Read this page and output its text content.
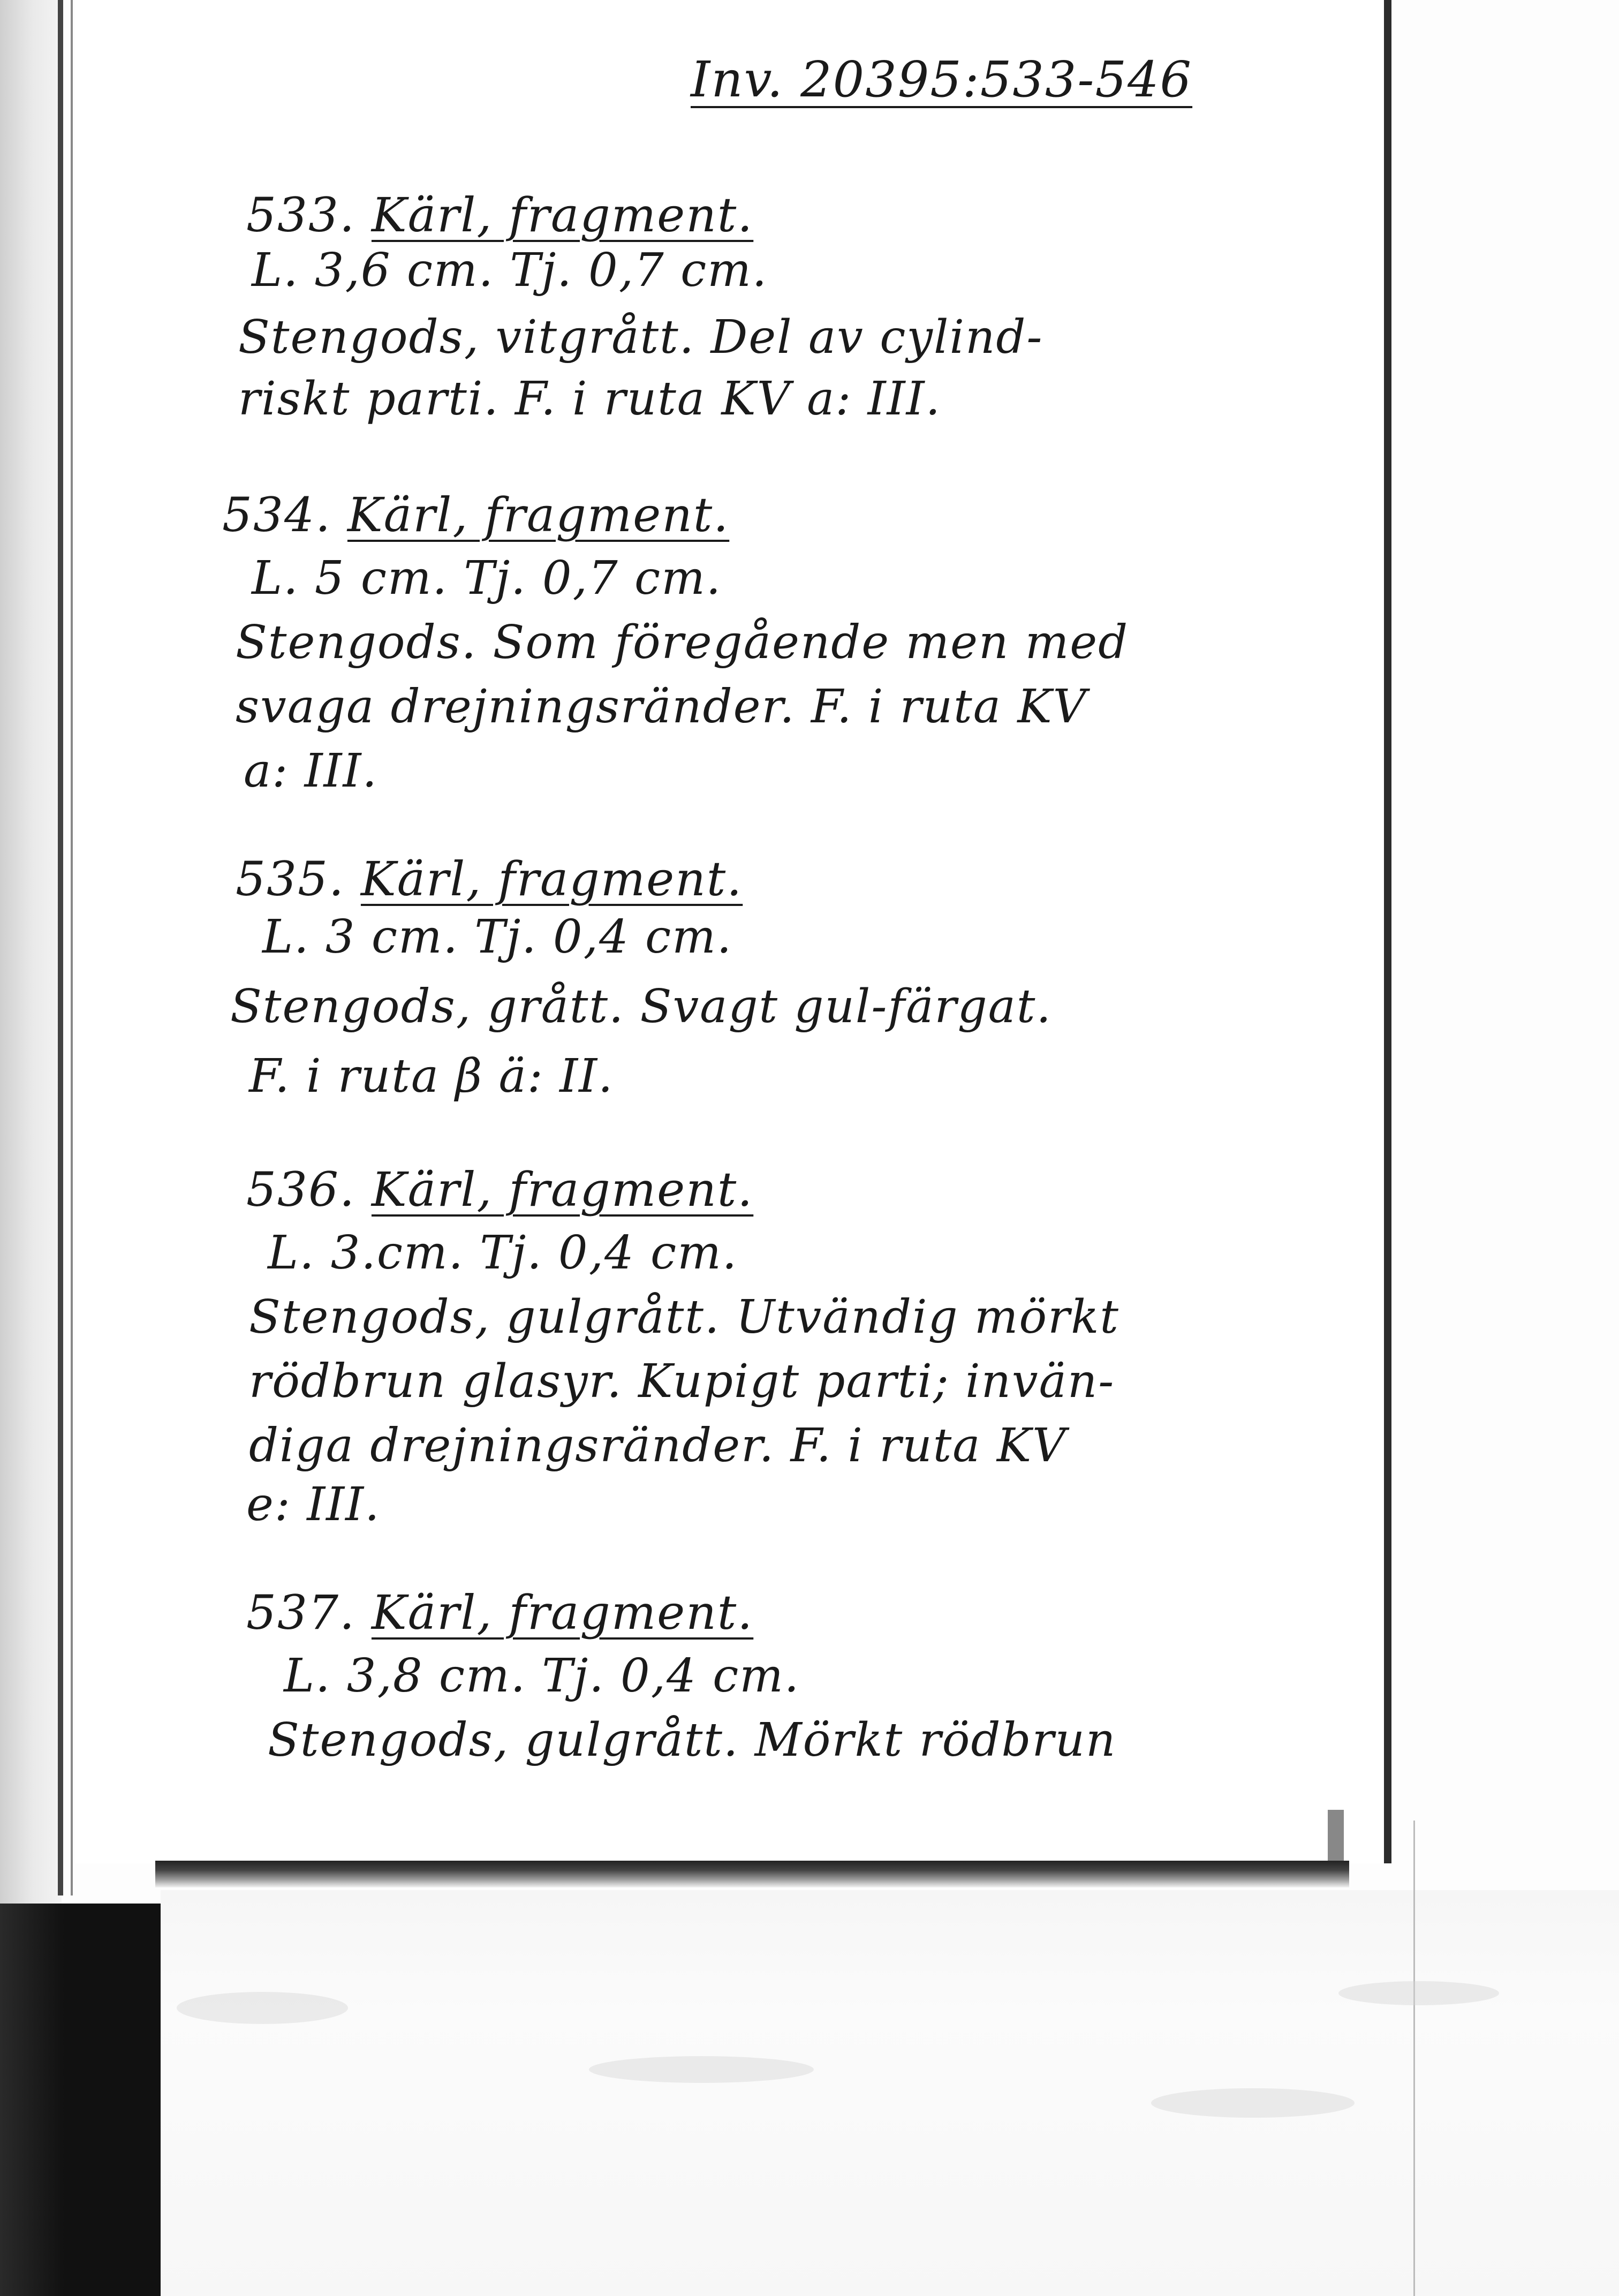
Inv. 20395:533-546
533. Kärl, fragment.
L. 3,6 cm. Tj. 0,7 cm.
Stengods, vitgrått. Del av cylind-
riskt parti. F. i ruta KV a: III.
534. Kärl, fragment.
L. 5 cm. Tj. 0,7 cm.
Stengods. Som föregående men med
svaga drejningsränder. F. i ruta KV
a: III.
535. Kärl, fragment.
L. 3 cm. Tj. 0,4 cm.
Stengods, grått. Svagt gul-färgat.
F. i ruta β ä: II.
536. Kärl, fragment.
L. 3.cm. Tj. 0,4 cm.
Stengods, gulgrått. Utvändig mörkt
rödbrun glasyr. Kupigt parti; invän-
diga drejningsränder. F. i ruta KV
e: III.
537. Kärl, fragment.
L. 3,8 cm. Tj. 0,4 cm.
Stengods, gulgrått. Mörkt rödbrun
